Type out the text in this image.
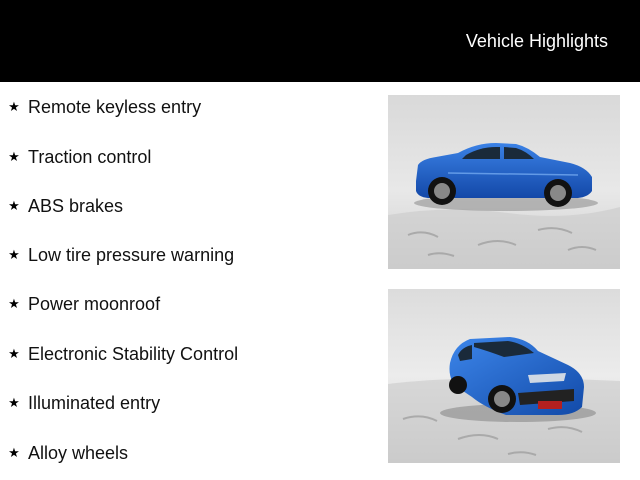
Vehicle Highlights
★ Remote keyless entry
★ Traction control
★ ABS brakes
★ Low tire pressure warning
★ Power moonroof
★ Electronic Stability Control
★ Illuminated entry
★ Alloy wheels
